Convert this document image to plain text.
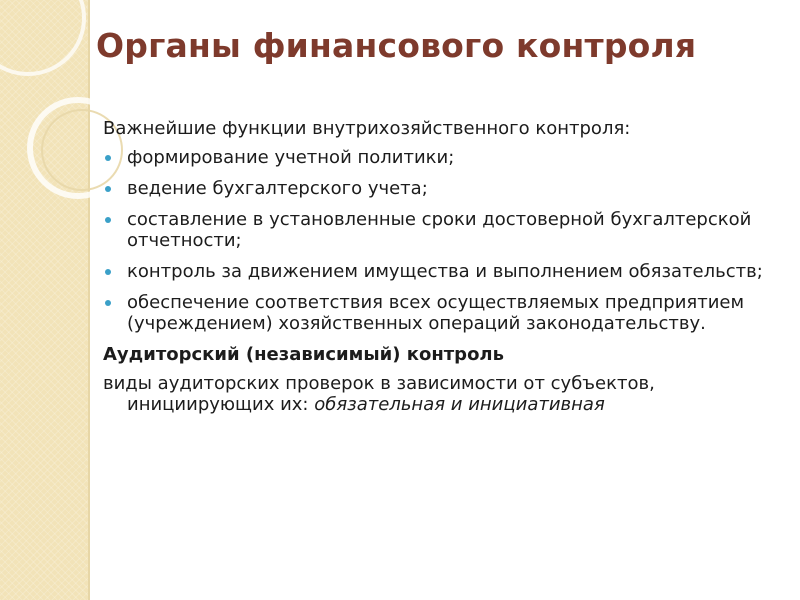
Органы финансового контроля

Важнейшие функции внутрихозяйственного контроля:

формирование учетной политики;
ведение бухгалтерского учета;
составление в установленные сроки достоверной бухгалтерской отчетности;
контроль за движением имущества и выполнением обязательств;
обеспечение соответствия всех осуществляемых предприятием (учреждением) хозяйственных операций законодательству.

Аудиторский (независимый) контроль

виды аудиторских проверок в зависимости от субъектов, инициирующих их: обязательная и инициативная
